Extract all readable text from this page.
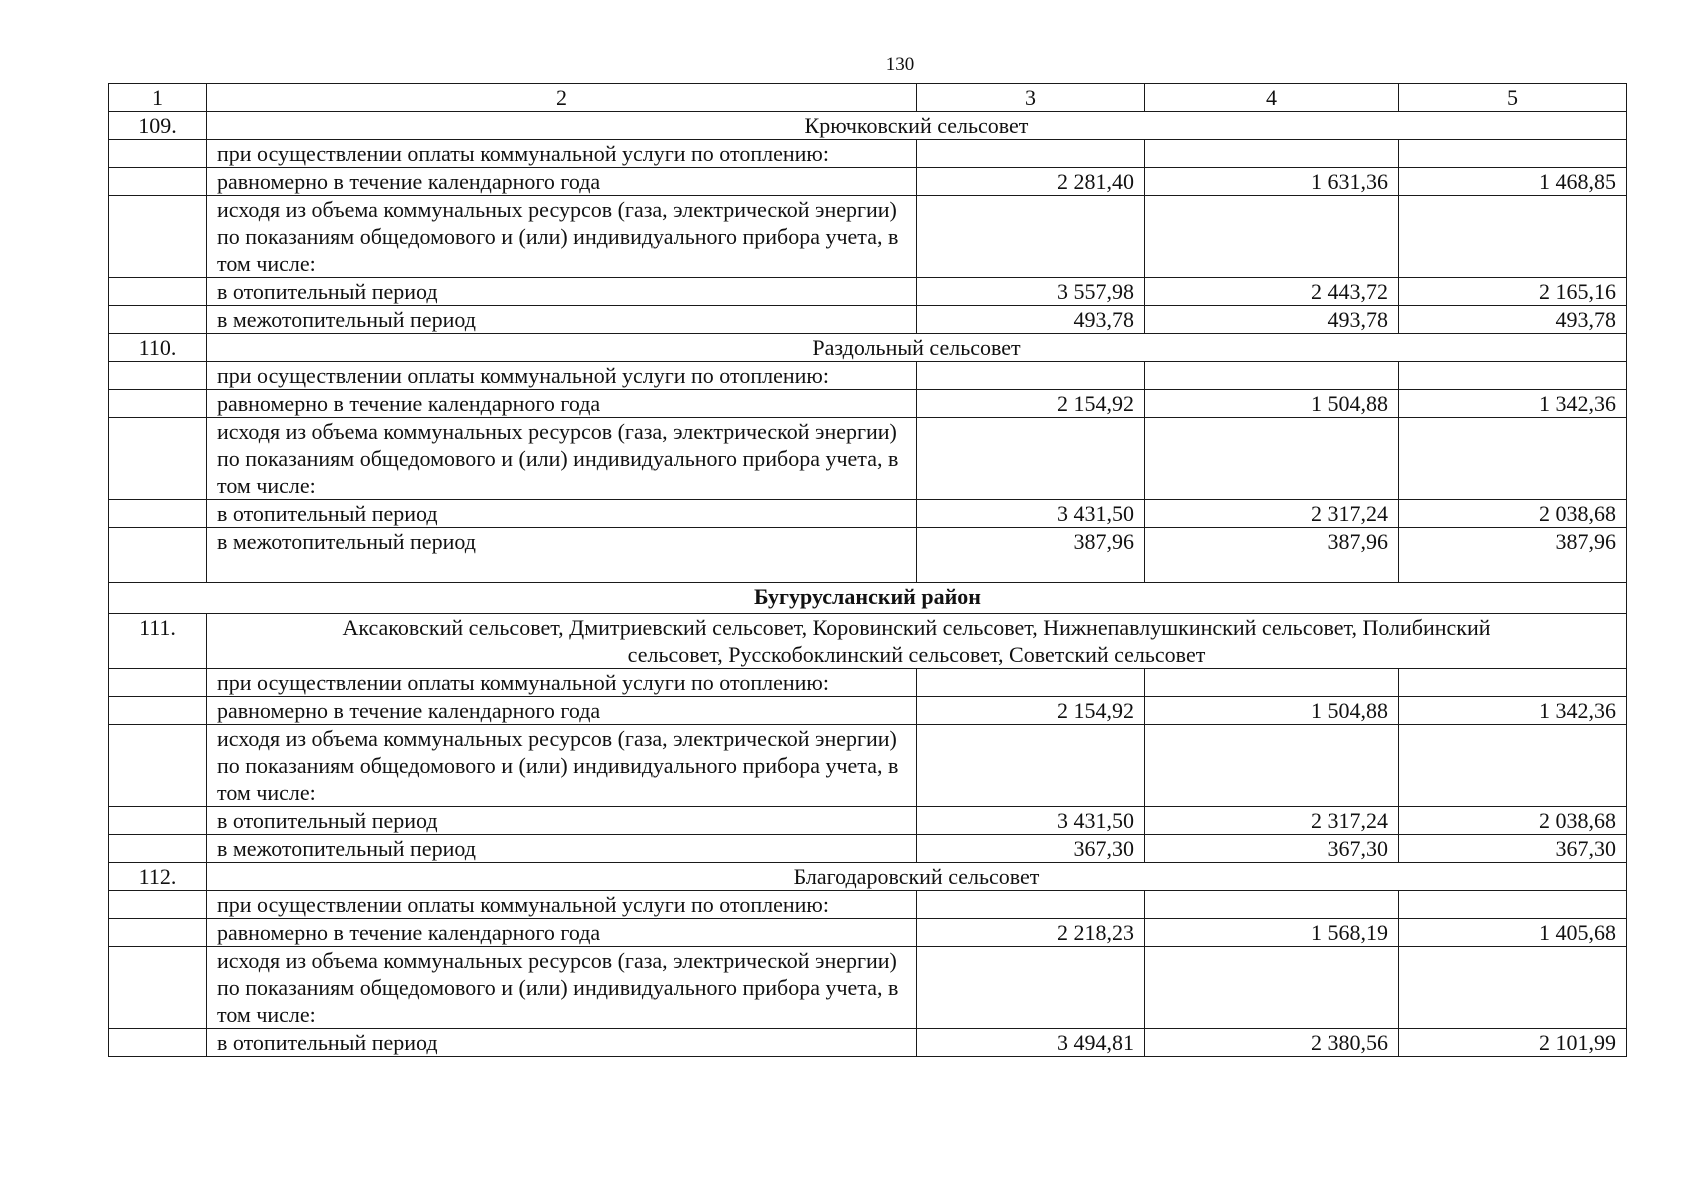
130
1	2	3	4	5
109.	Крючковский сельсовет			
	при осуществлении оплаты коммунальной услуги по отоплению:			
	равномерно в течение календарного года	2 281,40	1 631,36	1 468,85
	исходя из объема коммунальных ресурсов (газа, электрической энергии) по показаниям общедомового и (или) индивидуального прибора учета, в том числе:			
	в отопительный период	3 557,98	2 443,72	2 165,16
	в межотопительный период	493,78	493,78	493,78
110.	Раздольный сельсовет			
	при осуществлении оплаты коммунальной услуги по отоплению:			
	равномерно в течение календарного года	2 154,92	1 504,88	1 342,36
	исходя из объема коммунальных ресурсов (газа, электрической энергии) по показаниям общедомового и (или) индивидуального прибора учета, в том числе:			
	в отопительный период	3 431,50	2 317,24	2 038,68
	в межотопительный период	387,96	387,96	387,96
Бугурусланский район				
111.	Аксаковский сельсовет, Дмитриевский сельсовет, Коровинский сельсовет, Нижнепавлушкинский сельсовет, Полибинский сельсовет, Русскобоклинский сельсовет, Советский сельсовет			
	при осуществлении оплаты коммунальной услуги по отоплению:			
	равномерно в течение календарного года	2 154,92	1 504,88	1 342,36
	исходя из объема коммунальных ресурсов (газа, электрической энергии) по показаниям общедомового и (или) индивидуального прибора учета, в том числе:			
	в отопительный период	3 431,50	2 317,24	2 038,68
	в межотопительный период	367,30	367,30	367,30
112.	Благодаровский сельсовет			
	при осуществлении оплаты коммунальной услуги по отоплению:			
	равномерно в течение календарного года	2 218,23	1 568,19	1 405,68
	исходя из объема коммунальных ресурсов (газа, электрической энергии) по показаниям общедомового и (или) индивидуального прибора учета, в том числе:			
	в отопительный период	3 494,81	2 380,56	2 101,99
